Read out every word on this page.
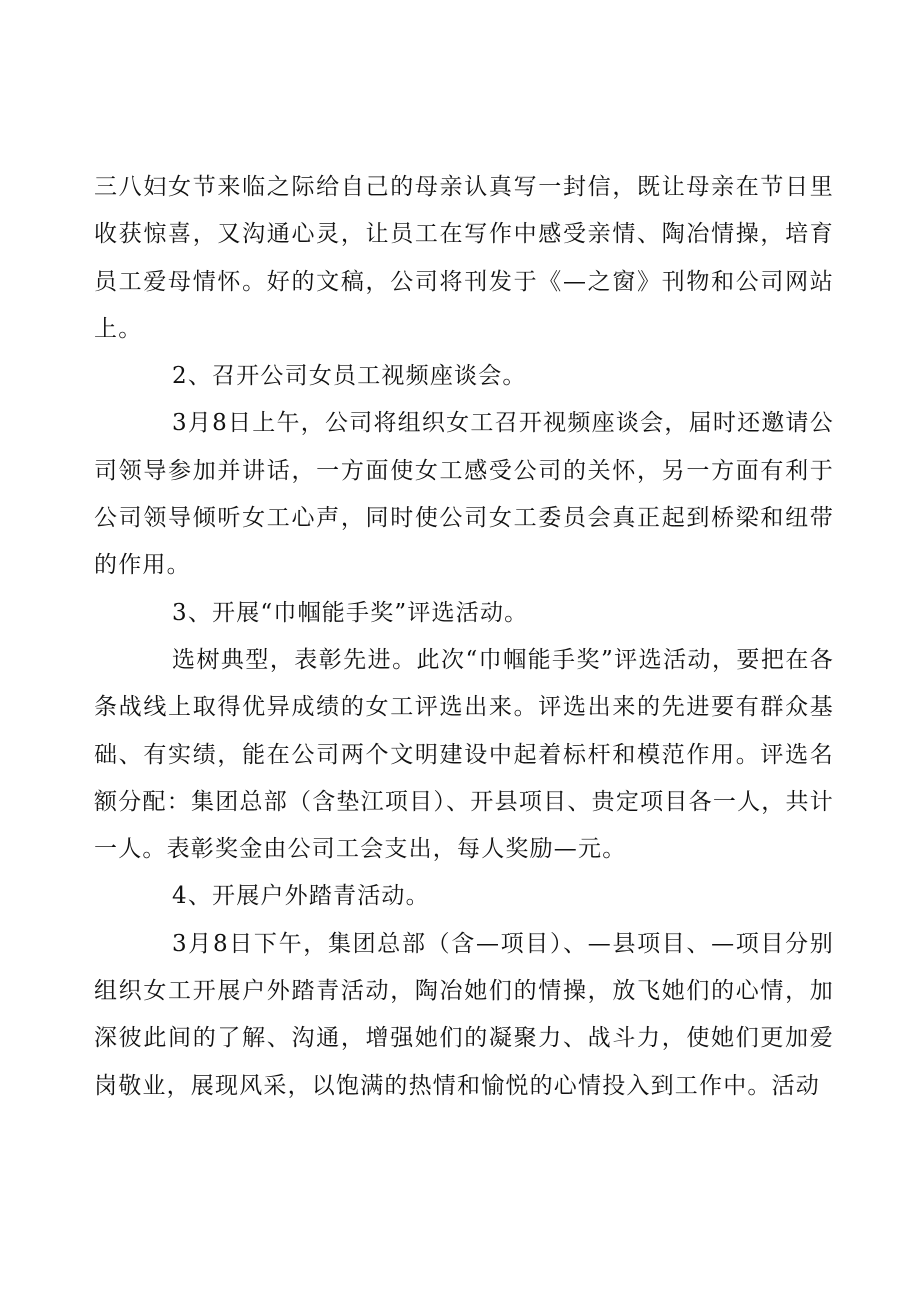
三八妇女节来临之际给自己的母亲认真写一封信，既让母亲在节日里收获惊喜，又沟通心灵，让员工在写作中感受亲情、陶冶情操，培育员工爱母情怀。好的文稿，公司将刊发于《—之窗》刊物和公司网站上。

2、召开公司女员工视频座谈会。

3月8日上午，公司将组织女工召开视频座谈会，届时还邀请公司领导参加并讲话，一方面使女工感受公司的关怀，另一方面有利于公司领导倾听女工心声，同时使公司女工委员会真正起到桥梁和纽带的作用。

3、开展“巾帼能手奖”评选活动。

选树典型，表彰先进。此次“巾帼能手奖”评选活动，要把在各条战线上取得优异成绩的女工评选出来。评选出来的先进要有群众基础、有实绩，能在公司两个文明建设中起着标杆和模范作用。评选名额分配：集团总部（含垫江项目）、开县项目、贵定项目各一人，共计一人。表彰奖金由公司工会支出，每人奖励—元。

4、开展户外踏青活动。

3月8日下午，集团总部（含—项目）、—县项目、—项目分别组织女工开展户外踏青活动，陶冶她们的情操，放飞她们的心情，加深彼此间的了解、沟通，增强她们的凝聚力、战斗力，使她们更加爱岗敬业，展现风采，以饱满的热情和愉悦的心情投入到工作中。活动
